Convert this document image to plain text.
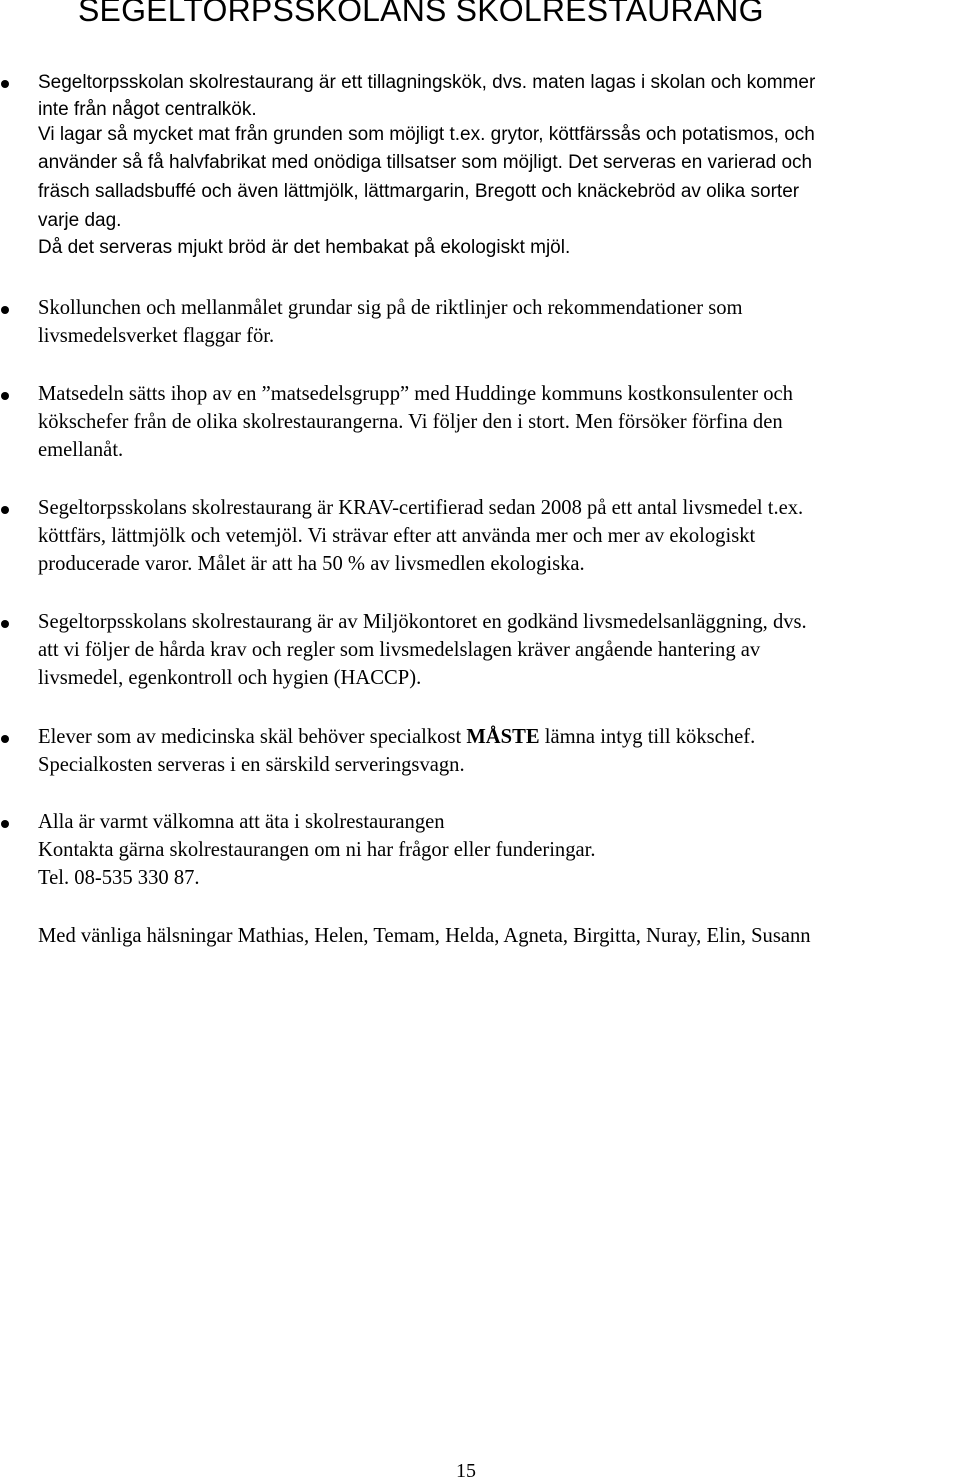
SEGELTORPSSKOLANS SKOLRESTAURANG

Segeltorpsskolan skolrestaurang är ett tillagningskök, dvs. maten lagas i skolan och kommer

inte från något centralkök.

Vi lagar så mycket mat från grunden som möjligt t.ex. grytor, köttfärssås och potatismos, och

använder så få halvfabrikat med onödiga tillsatser som möjligt. Det serveras en varierad och

fräsch salladsbuffé och även lättmjölk, lättmargarin, Bregott och knäckebröd av olika sorter

varje dag.

Då det serveras mjukt bröd är det hembakat på ekologiskt mjöl.

Skollunchen och mellanmålet grundar sig på de riktlinjer och rekommendationer som

livsmedelsverket flaggar för.

Matsedeln sätts ihop av en ”matsedelsgrupp” med Huddinge kommuns kostkonsulenter och

kökschefer från de olika skolrestaurangerna. Vi följer den i stort. Men försöker förfina den

emellanåt.

Segeltorpsskolans skolrestaurang är KRAV-certifierad sedan 2008 på ett antal livsmedel t.ex.

köttfärs, lättmjölk och vetemjöl. Vi strävar efter att använda mer och mer av ekologiskt

producerade varor. Målet är att ha 50 % av livsmedlen ekologiska.

Segeltorpsskolans skolrestaurang är av Miljökontoret en godkänd livsmedelsanläggning, dvs.

att vi följer de hårda krav och regler som livsmedelslagen kräver angående hantering av

livsmedel, egenkontroll och hygien (HACCP).

Elever som av medicinska skäl behöver specialkost MÅSTE lämna intyg till kökschef.

Specialkosten serveras i en särskild serveringsvagn.

Alla är varmt välkomna att äta i skolrestaurangen

Kontakta gärna skolrestaurangen om ni har frågor eller funderingar.

Tel. 08-535 330 87.

Med vänliga hälsningar Mathias, Helen, Temam, Helda, Agneta, Birgitta, Nuray, Elin, Susann

15
